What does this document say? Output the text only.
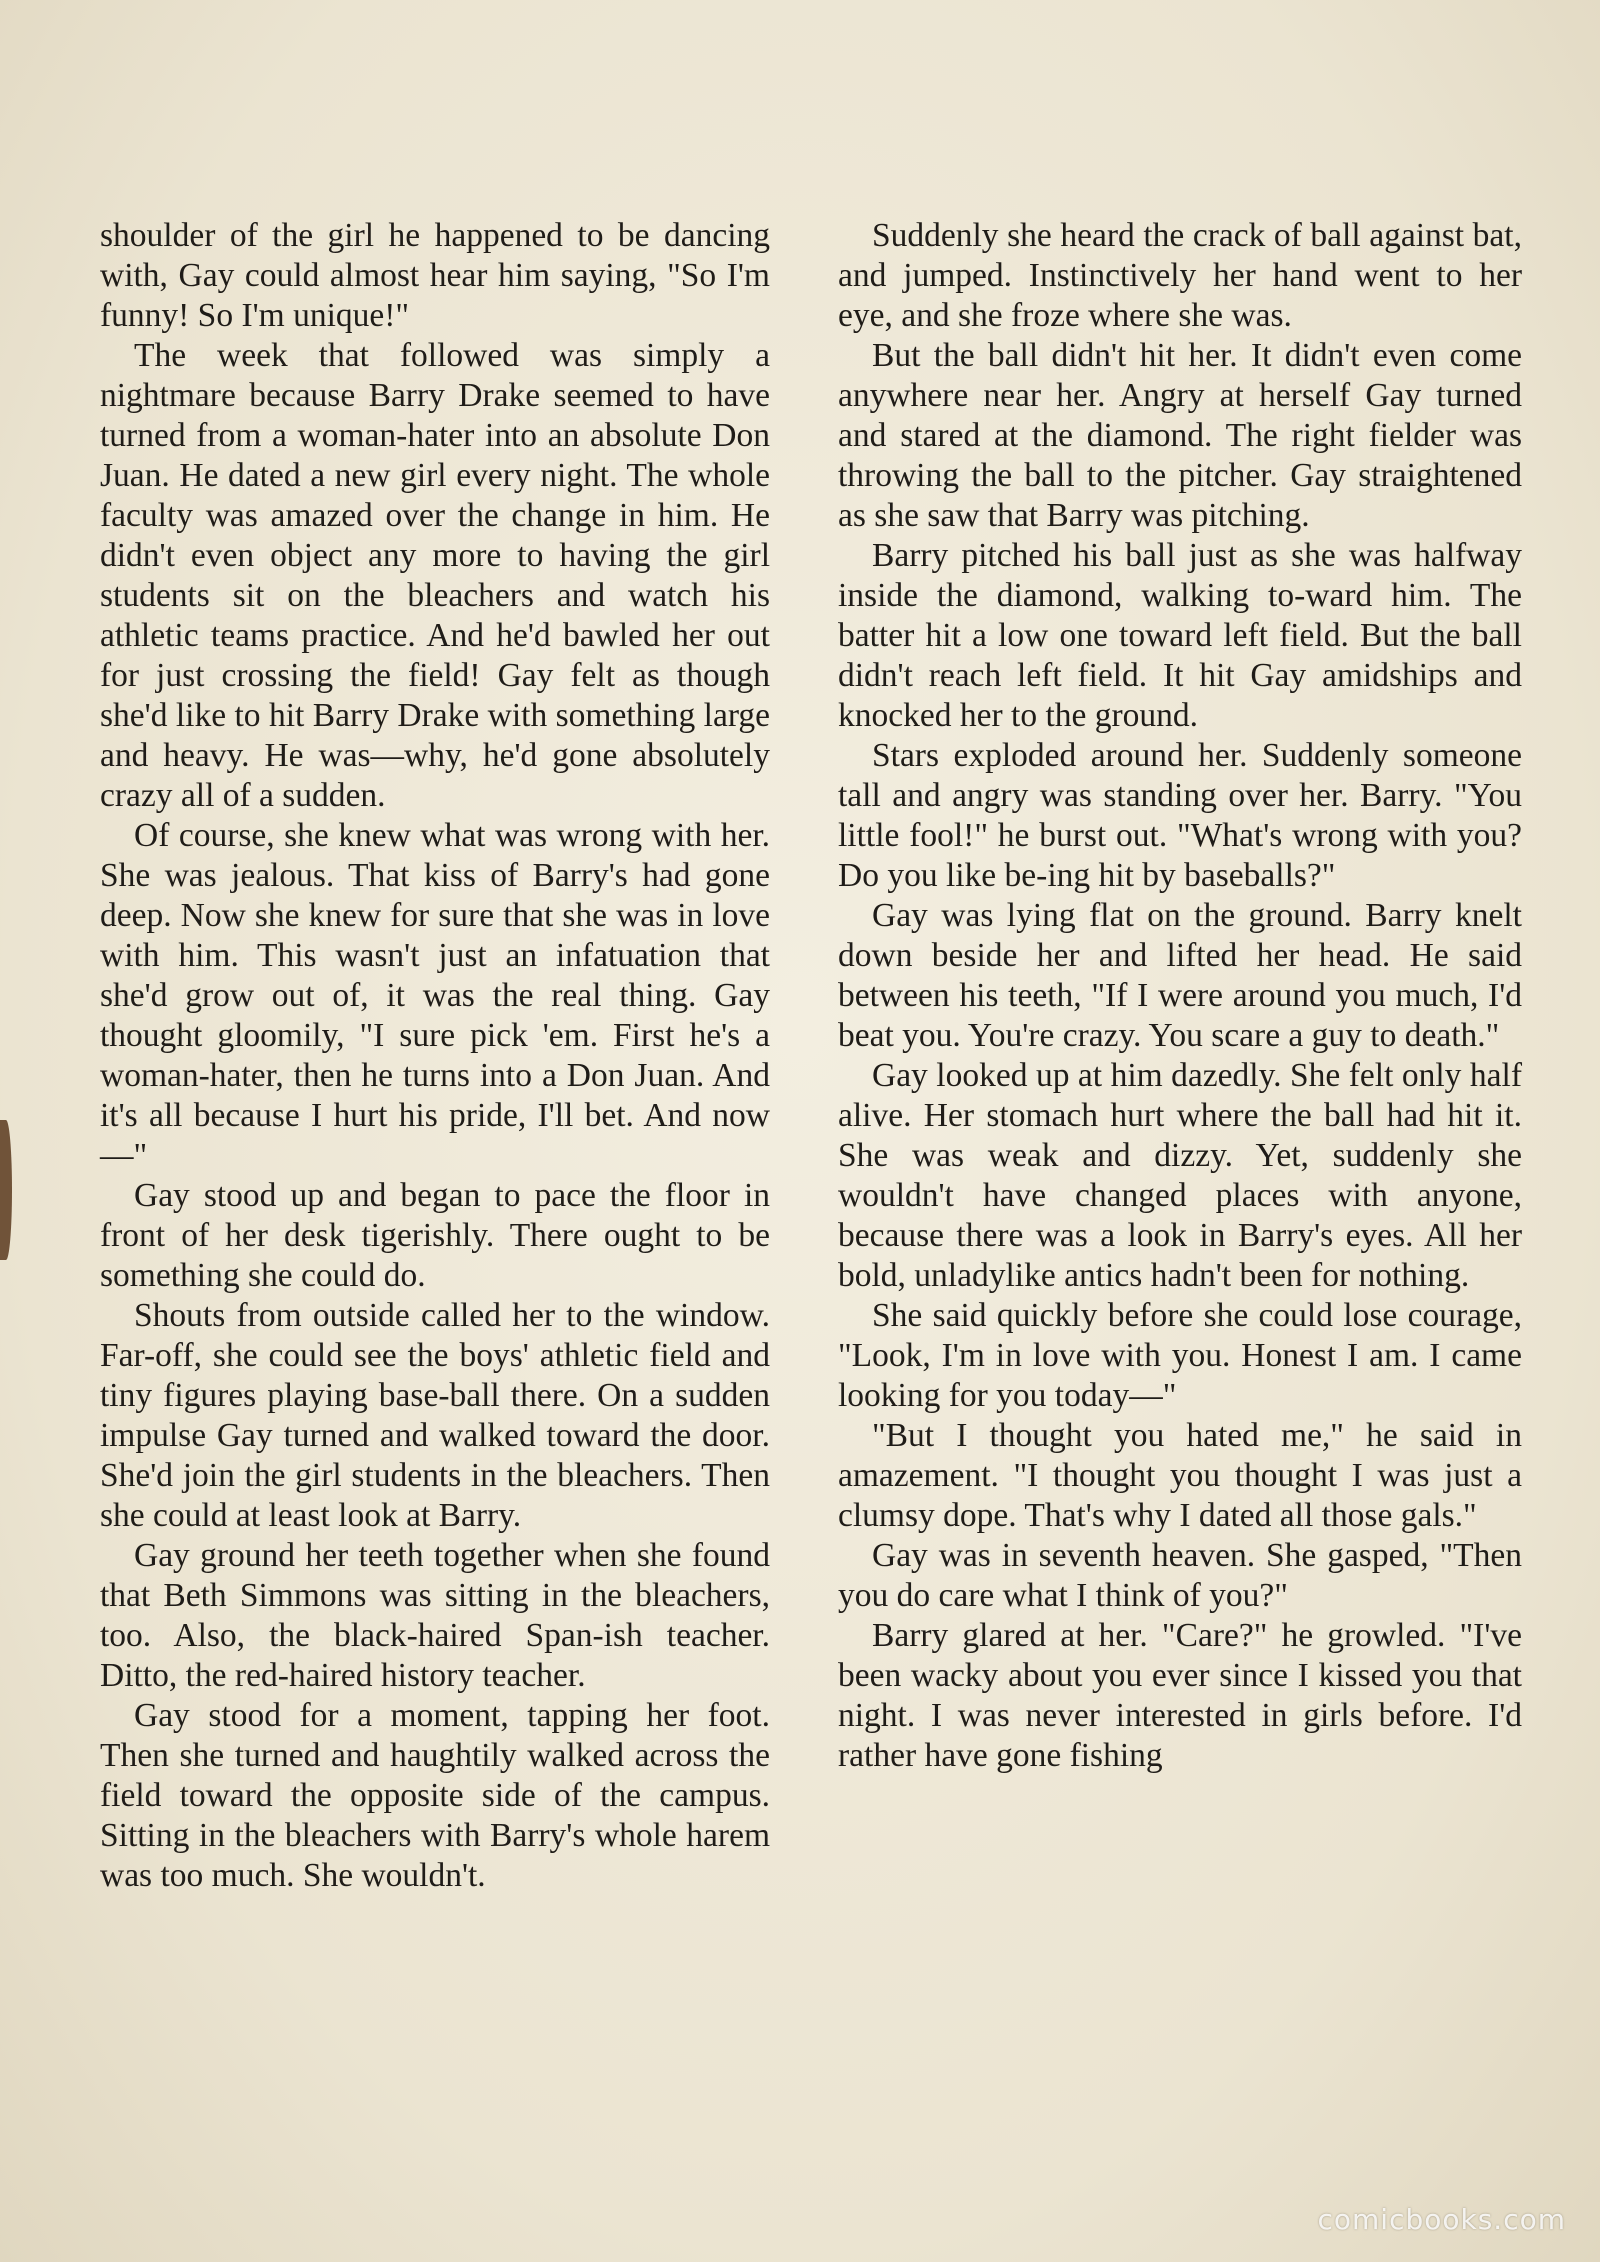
shoulder of the girl he happened to be dancing with, Gay could almost hear him saying, "So I'm funny! So I'm unique!"

The week that followed was simply a nightmare because Barry Drake seemed to have turned from a woman-hater into an absolute Don Juan. He dated a new girl every night. The whole faculty was amazed over the change in him. He didn't even object any more to having the girl students sit on the bleachers and watch his athletic teams practice. And he'd bawled her out for just crossing the field! Gay felt as though she'd like to hit Barry Drake with something large and heavy. He was—why, he'd gone absolutely crazy all of a sudden.

Of course, she knew what was wrong with her. She was jealous. That kiss of Barry's had gone deep. Now she knew for sure that she was in love with him. This wasn't just an infatuation that she'd grow out of, it was the real thing. Gay thought gloomily, "I sure pick 'em. First he's a woman-hater, then he turns into a Don Juan. And it's all because I hurt his pride, I'll bet. And now—"

Gay stood up and began to pace the floor in front of her desk tigerishly. There ought to be something she could do.

Shouts from outside called her to the window. Far-off, she could see the boys' athletic field and tiny figures playing base-ball there. On a sudden impulse Gay turned and walked toward the door. She'd join the girl students in the bleachers. Then she could at least look at Barry.

Gay ground her teeth together when she found that Beth Simmons was sitting in the bleachers, too. Also, the black-haired Span-ish teacher. Ditto, the red-haired history teacher.

Gay stood for a moment, tapping her foot. Then she turned and haughtily walked across the field toward the opposite side of the campus. Sitting in the bleachers with Barry's whole harem was too much. She wouldn't.

Suddenly she heard the crack of ball against bat, and jumped. Instinctively her hand went to her eye, and she froze where she was.

But the ball didn't hit her. It didn't even come anywhere near her. Angry at herself Gay turned and stared at the diamond. The right fielder was throwing the ball to the pitcher. Gay straightened as she saw that Barry was pitching.

Barry pitched his ball just as she was halfway inside the diamond, walking to-ward him. The batter hit a low one toward left field. But the ball didn't reach left field. It hit Gay amidships and knocked her to the ground.

Stars exploded around her. Suddenly someone tall and angry was standing over her. Barry. "You little fool!" he burst out. "What's wrong with you? Do you like be-ing hit by baseballs?"

Gay was lying flat on the ground. Barry knelt down beside her and lifted her head. He said between his teeth, "If I were around you much, I'd beat you. You're crazy. You scare a guy to death."

Gay looked up at him dazedly. She felt only half alive. Her stomach hurt where the ball had hit it. She was weak and dizzy. Yet, suddenly she wouldn't have changed places with anyone, because there was a look in Barry's eyes. All her bold, unladylike antics hadn't been for nothing.

She said quickly before she could lose courage, "Look, I'm in love with you. Honest I am. I came looking for you today—"

"But I thought you hated me," he said in amazement. "I thought you thought I was just a clumsy dope. That's why I dated all those gals."

Gay was in seventh heaven. She gasped, "Then you do care what I think of you?"

Barry glared at her. "Care?" he growled. "I've been wacky about you ever since I kissed you that night. I was never interested in girls before. I'd rather have gone fishing

comicbooks.com
